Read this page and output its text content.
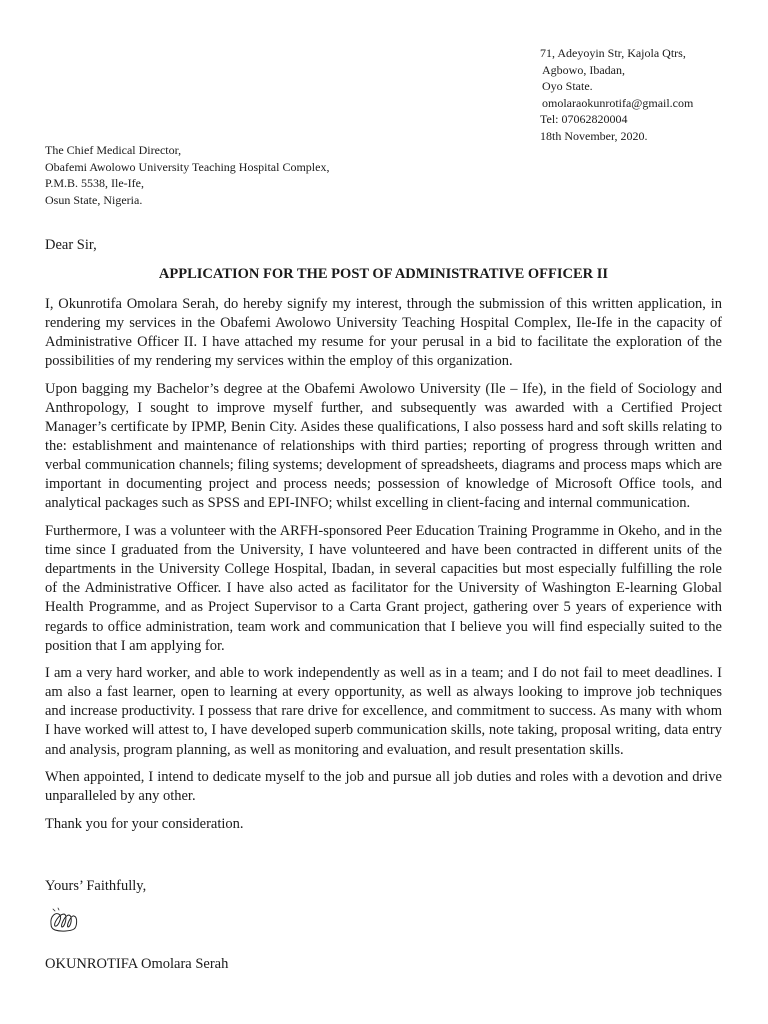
71, Adeyoyin Str, Kajola Qtrs,
Agbowo, Ibadan,
Oyo State.
omolaraokunrotifa@gmail.com
Tel: 07062820004
18th November, 2020.
The Chief Medical Director,
Obafemi Awolowo University Teaching Hospital Complex,
P.M.B. 5538, Ile-Ife,
Osun State, Nigeria.
Dear Sir,
APPLICATION FOR THE POST OF ADMINISTRATIVE OFFICER II

I, Okunrotifa Omolara Serah, do hereby signify my interest, through the submission of this written application, in rendering my services in the Obafemi Awolowo University Teaching Hospital Complex, Ile-Ife in the capacity of Administrative Officer II. I have attached my resume for your perusal in a bid to facilitate the exploration of the possibilities of my rendering my services within the employ of this organization.

Upon bagging my Bachelor’s degree at the Obafemi Awolowo University (Ile – Ife), in the field of Sociology and Anthropology, I sought to improve myself further, and subsequently was awarded with a Certified Project Manager’s certificate by IPMP, Benin City. Asides these qualifications, I also possess hard and soft skills relating to the: establishment and maintenance of relationships with third parties; reporting of progress through written and verbal communication channels; filing systems; development of spreadsheets, diagrams and process maps which are important in documenting project and process needs; possession of knowledge of Microsoft Office tools, and analytical packages such as SPSS and EPI-INFO; whilst excelling in client-facing and internal communication.

Furthermore, I was a volunteer with the ARFH-sponsored Peer Education Training Programme in Okeho, and in the time since I graduated from the University, I have volunteered and have been contracted in different units of the departments in the University College Hospital, Ibadan, in several capacities but most especially fulfilling the role of the Administrative Officer. I have also acted as facilitator for the University of Washington E-learning Global Health Programme, and as Project Supervisor to a Carta Grant project, gathering over 5 years of experience with regards to office administration, team work and communication that I believe you will find especially suited to the position that I am applying for.

I am a very hard worker, and able to work independently as well as in a team; and I do not fail to meet deadlines. I am also a fast learner, open to learning at every opportunity, as well as always looking to improve job techniques and increase productivity. I possess that rare drive for excellence, and commitment to success. As many with whom I have worked will attest to, I have developed superb communication skills, note taking, proposal writing, data entry and analysis, program planning, as well as monitoring and evaluation, and result presentation skills.

When appointed, I intend to dedicate myself to the job and pursue all job duties and roles with a devotion and drive unparalleled by any other.

Thank you for your consideration.

Yours’ Faithfully,
OKUNROTIFA Omolara Serah
